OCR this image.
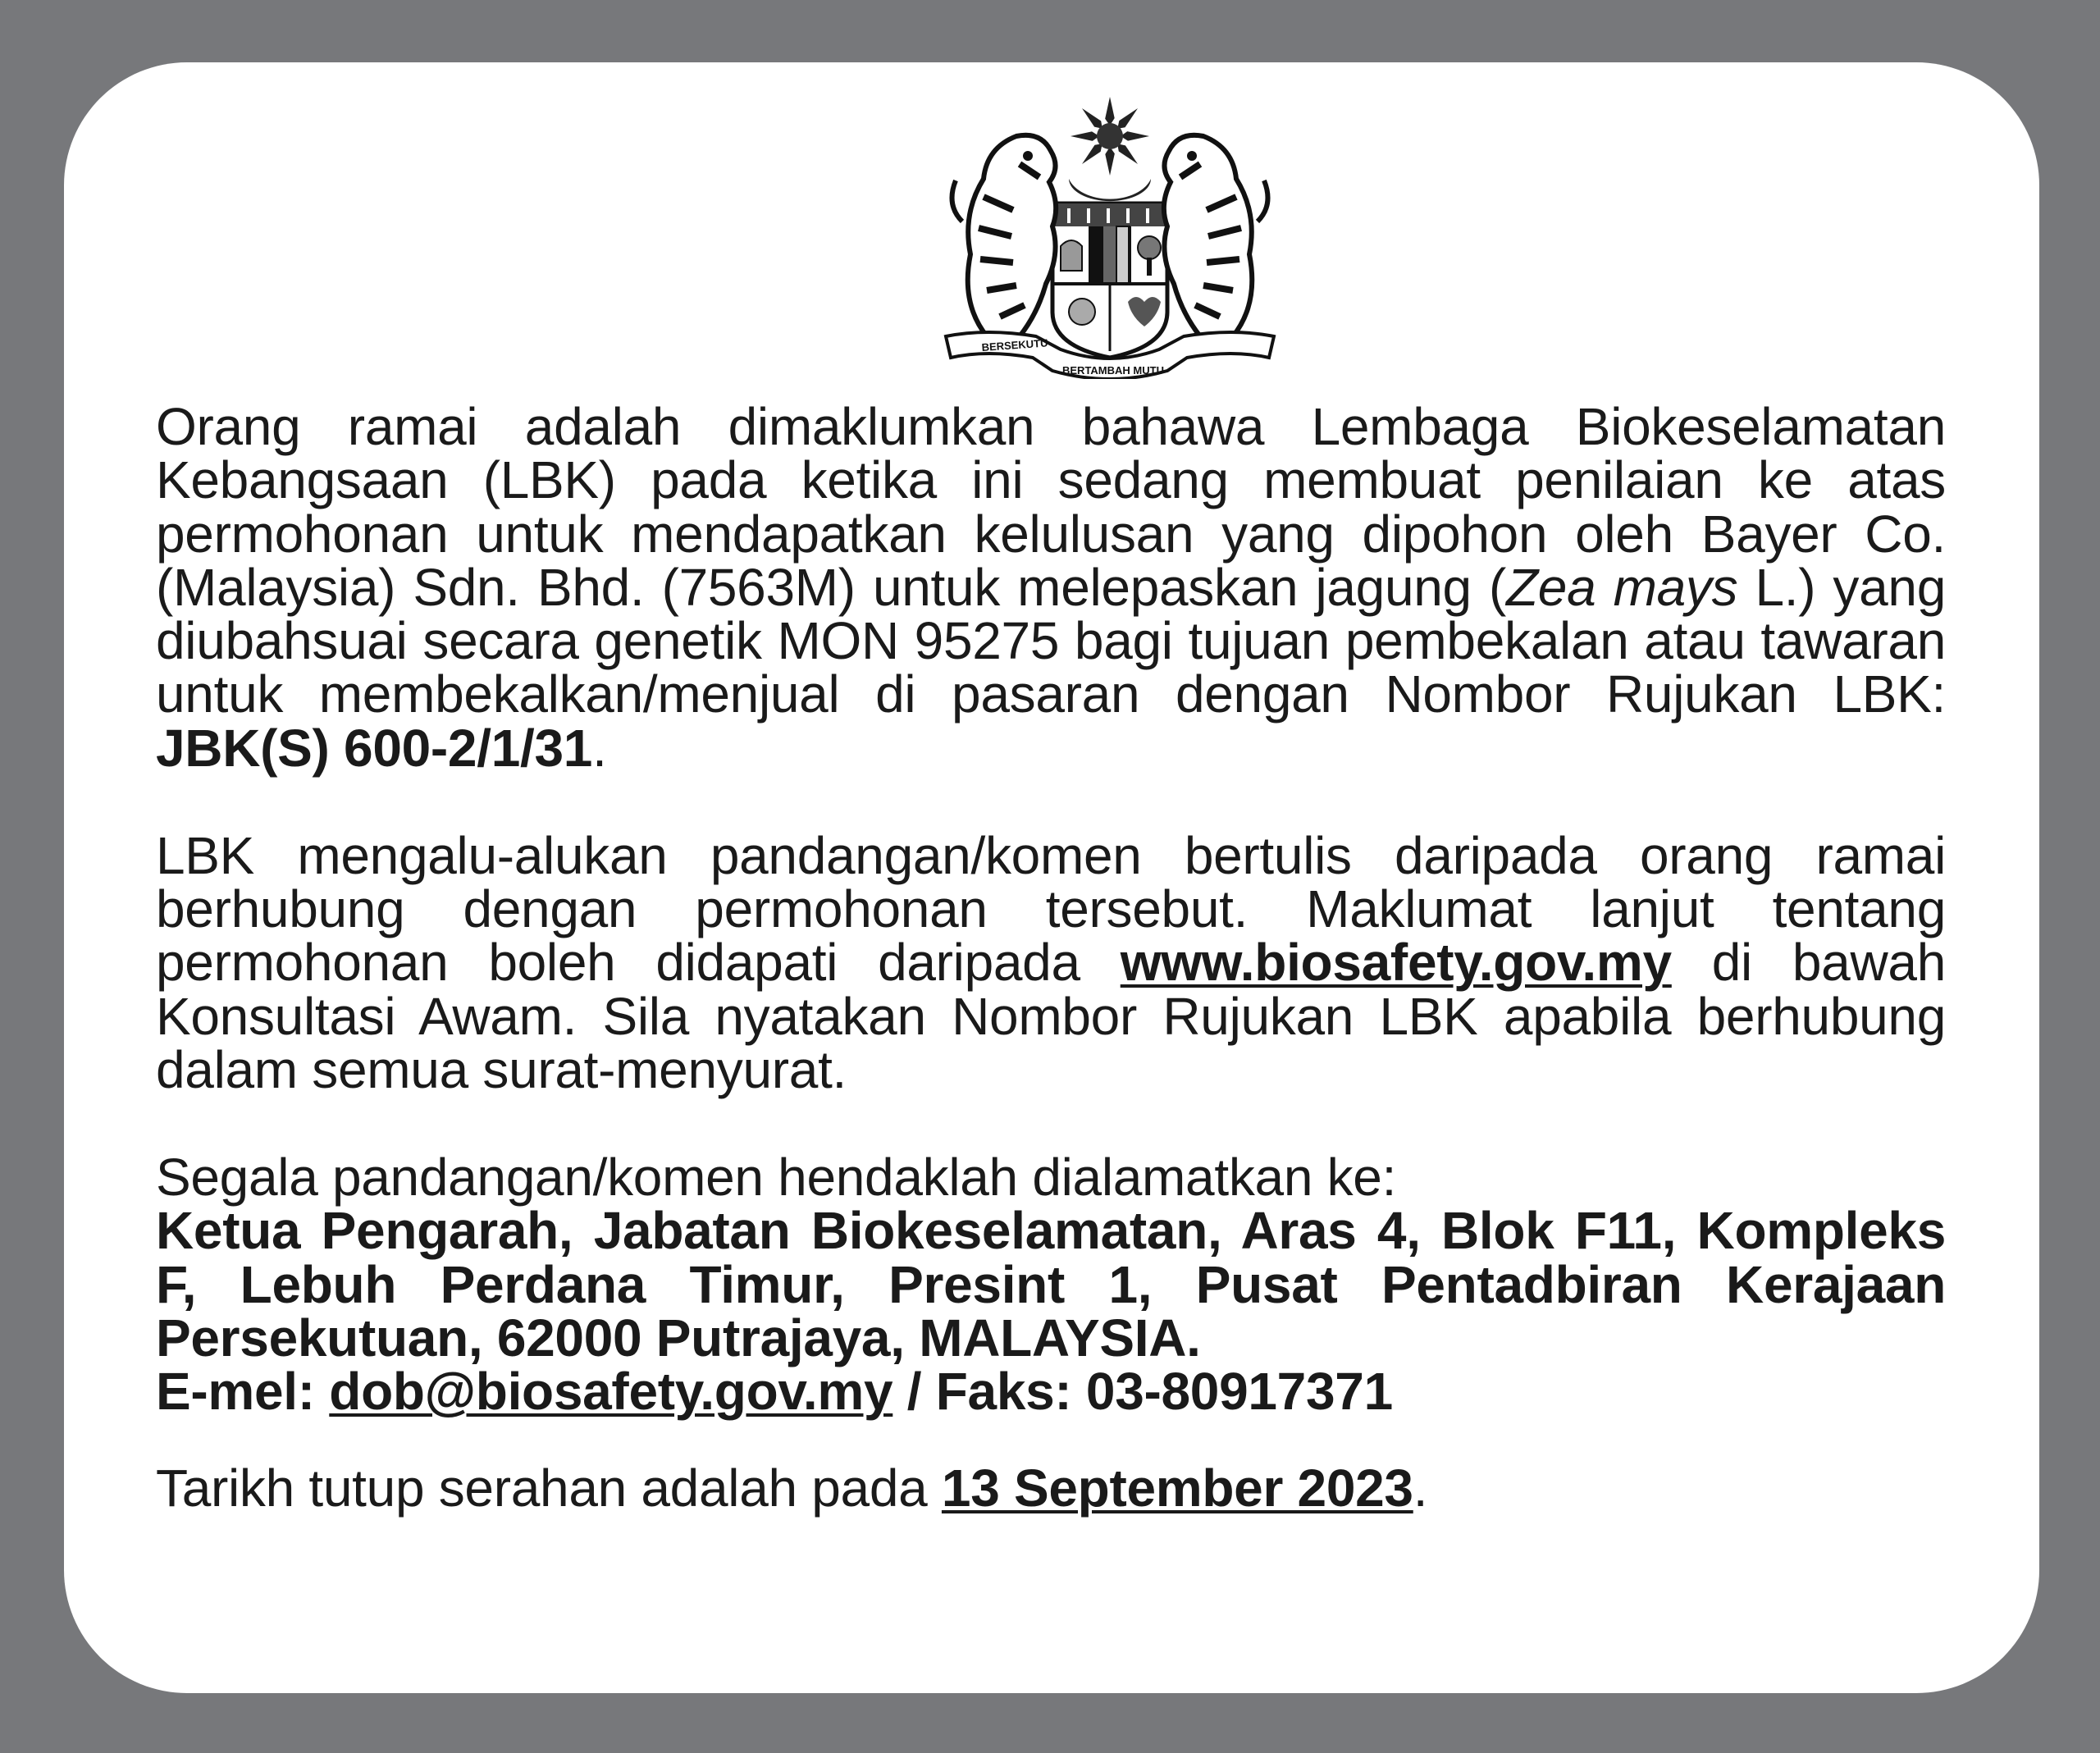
BERSEKUTU
BERTAMBAH MUTU

Orang ramai adalah dimaklumkan bahawa Lembaga Biokeselamatan Kebangsaan (LBK) pada ketika ini sedang membuat penilaian ke atas permohonan untuk mendapatkan kelulusan yang dipohon oleh Bayer Co. (Malaysia) Sdn. Bhd. (7563M) untuk melepaskan jagung (Zea mays L.) yang diubahsuai secara genetik MON 95275 bagi tujuan pembekalan atau tawaran untuk membekalkan/menjual di pasaran dengan Nombor Rujukan LBK: JBK(S) 600-2/1/31.

LBK mengalu-alukan pandangan/komen bertulis daripada orang ramai berhubung dengan permohonan tersebut. Maklumat lanjut tentang permohonan boleh didapati daripada www.biosafety.gov.my di bawah Konsultasi Awam. Sila nyatakan Nombor Rujukan LBK apabila berhubung dalam semua surat-menyurat.

Segala pandangan/komen hendaklah dialamatkan ke:
Ketua Pengarah, Jabatan Biokeselamatan, Aras 4, Blok F11, Kompleks F, Lebuh Perdana Timur, Presint 1, Pusat Pentadbiran Kerajaan Persekutuan, 62000 Putrajaya, MALAYSIA.
E-mel: dob@biosafety.gov.my / Faks: 03-80917371

Tarikh tutup serahan adalah pada 13 September 2023.
